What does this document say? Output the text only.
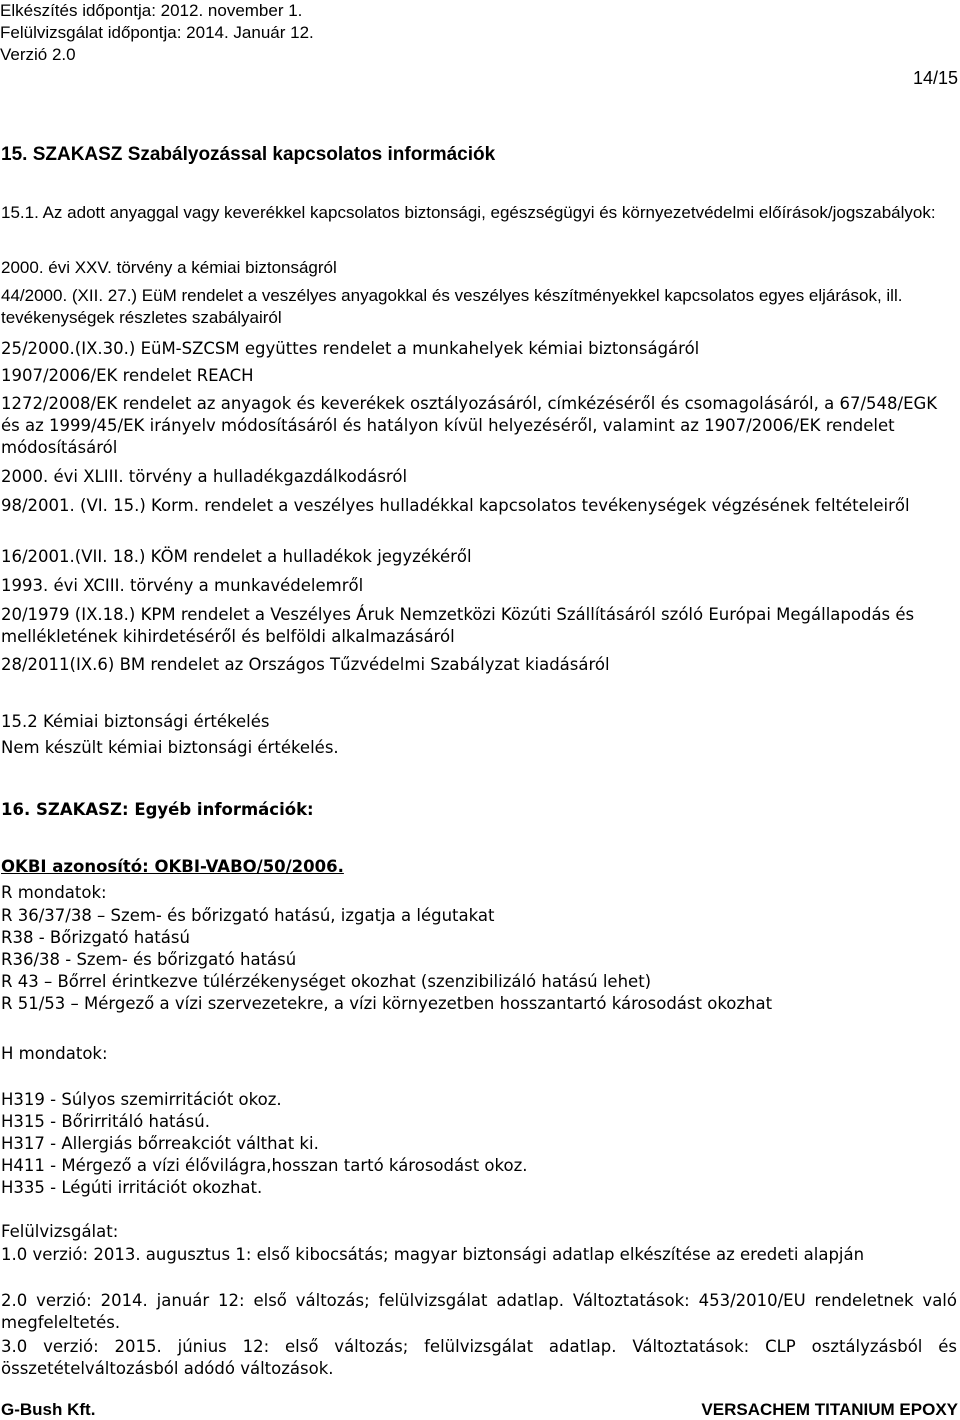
Elkészítés időpontja: 2012. november 1.
Felülvizsgálat időpontja: 2014. Január 12.
Verzió 2.0
14/15
15. SZAKASZ Szabályozással kapcsolatos információk
15.1. Az adott anyaggal vagy keverékkel kapcsolatos biztonsági, egészségügyi és környezetvédelmi előírások/jogszabályok:
2000. évi XXV. törvény a kémiai biztonságról
44/2000. (XII. 27.) EüM rendelet a veszélyes anyagokkal és veszélyes készítményekkel kapcsolatos egyes eljárások, ill. tevékenységek részletes szabályairól
25/2000.(IX.30.) EüM-SZCSM együttes rendelet a munkahelyek kémiai biztonságáról
1907/2006/EK rendelet REACH
1272/2008/EK rendelet az anyagok és keverékek osztályozásáról, címkézéséről és csomagolásáról, a 67/548/EGK és az 1999/45/EK irányelv módosításáról és hatályon kívül helyezéséről, valamint az 1907/2006/EK rendelet módosításáról
2000. évi XLIII. törvény a hulladékgazdálkodásról
98/2001. (VI. 15.) Korm. rendelet a veszélyes hulladékkal kapcsolatos tevékenységek végzésének feltételeiről
16/2001.(VII. 18.) KÖM rendelet a hulladékok jegyzékéről
1993. évi XCIII. törvény a munkavédelemről
20/1979 (IX.18.) KPM rendelet a Veszélyes Áruk Nemzetközi Közúti Szállításáról szóló Európai Megállapodás és mellékletének kihirdetéséről és belföldi alkalmazásáról
28/2011(IX.6) BM rendelet az Országos Tűzvédelmi Szabályzat kiadásáról
15.2 Kémiai biztonsági értékelés
Nem készült kémiai biztonsági értékelés.
16. SZAKASZ: Egyéb információk:
OKBI azonosító: OKBI-VABO/50/2006.
R mondatok:
R 36/37/38 – Szem- és bőrizgató hatású, izgatja a légutakat
R38 - Bőrizgató hatású
R36/38 - Szem- és bőrizgató hatású
R 43 – Bőrrel érintkezve túlérzékenységet okozhat (szenzibilizáló hatású lehet)
R 51/53 – Mérgező a vízi szervezetekre, a vízi környezetben hosszantartó károsodást okozhat
H mondatok:
H319 - Súlyos szemirritációt okoz.
H315 - Bőrirritáló hatású.
H317 - Allergiás bőrreakciót válthat ki.
H411 - Mérgező a vízi élővilágra,hosszan tartó károsodást okoz.
H335 - Légúti irritációt okozhat.
Felülvizsgálat:
1.0 verzió: 2013. augusztus 1: első kibocsátás; magyar biztonsági adatlap elkészítése az eredeti alapján
2.0 verzió: 2014. január 12: első változás; felülvizsgálat adatlap. Változtatások: 453/2010/EU rendeletnek való megfeleltetés.
3.0 verzió: 2015. június 12: első változás; felülvizsgálat adatlap. Változtatások: CLP osztályzásból és összetételváltozásból adódó változások.
G-Bush Kft.	VERSACHEM TITANIUM EPOXY
